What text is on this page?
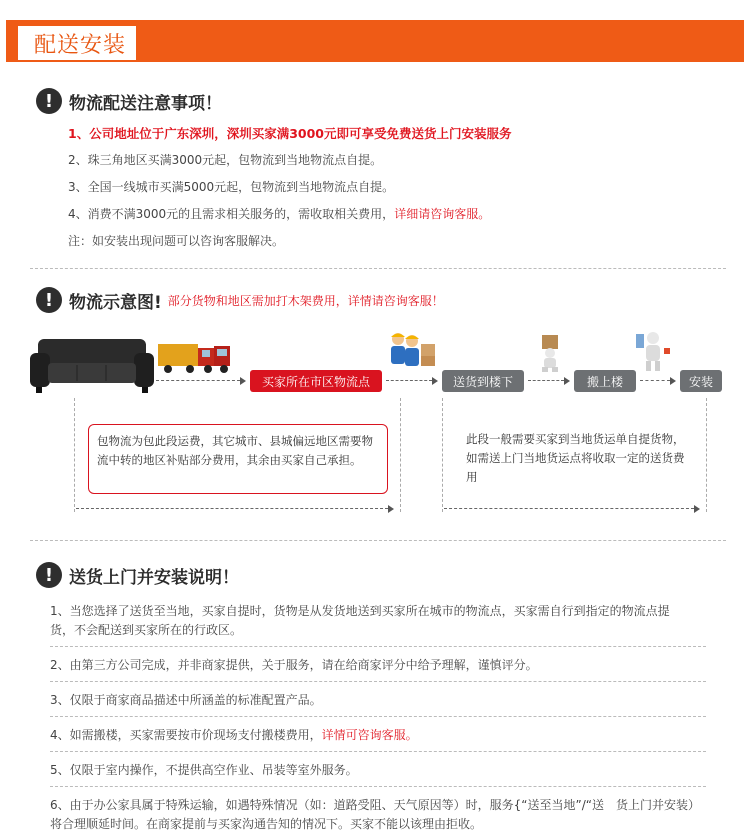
配送安装
! 物流配送注意事项！
1、公司地址位于广东深圳，深圳买家满3000元即可享受免费送货上门安装服务
2、珠三角地区买满3000元起，包物流到当地物流点自提。
3、全国一线城市买满5000元起，包物流到当地物流点自提。
4、消费不满3000元的且需求相关服务的，需收取相关费用，详细请咨询客服。
注：如安装出现问题可以咨询客服解决。
! 物流示意图! 部分货物和地区需加打木架费用，详情请咨询客服！
买家所在市区物流点	送货到楼下	搬上楼	安装
包物流为包此段运费，其它城市、县城偏远地区需要物流中转的地区补贴部分费用，其余由买家自己承担。
此段一般需要买家到当地货运单自提货物，如需送上门当地货运点将收取一定的送货费用
! 送货上门并安装说明！
1、当您选择了送货至当地，买家自提时，货物是从发货地送到买家所在城市的物流点，买家需自行到指定的物流点提货，不会配送到买家所在的行政区。
2、由第三方公司完成，并非商家提供，关于服务，请在给商家评分中给予理解，谨慎评分。
3、仅限于商家商品描述中所涵盖的标准配置产品。
4、如需搬楼，买家需要按市价现场支付搬楼费用，详情可咨询客服。
5、仅限于室内操作，不提供高空作业、吊装等室外服务。
6、由于办公家具属于特殊运输，如遇特殊情况（如：道路受阻、天气原因等）时，服务{“送至当地”/“送　货上门并安装）将合理顺延时间。在商家提前与买家沟通告知的情况下。买家不能以该理由拒收。
